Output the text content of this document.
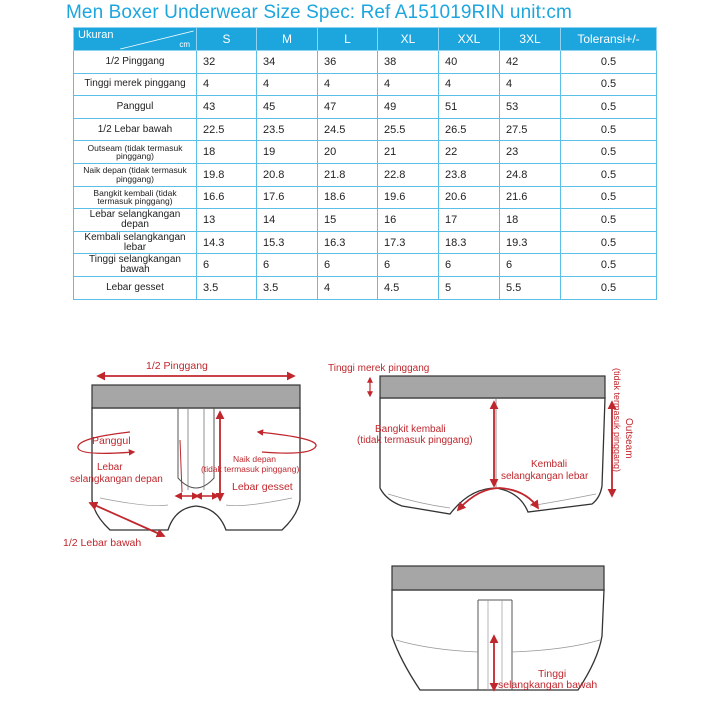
Men Boxer Underwear Size Spec: Ref A151019RIN unit:cm
Ukuran
cm	S	M	L	XL	XXL	3XL	Toleransi+/-
1/2 Pinggang	32	34	36	38	40	42	0.5
Tinggi merek pinggang	4	4	4	4	4	4	0.5
Panggul	43	45	47	49	51	53	0.5
1/2 Lebar bawah	22.5	23.5	24.5	25.5	26.5	27.5	0.5
Outseam (tidak termasuk pinggang)	18	19	20	21	22	23	0.5
Naik depan (tidak termasuk pinggang)	19.8	20.8	21.8	22.8	23.8	24.8	0.5
Bangkit kembali (tidak termasuk pinggang)	16.6	17.6	18.6	19.6	20.6	21.6	0.5
Lebar selangkangan depan	13	14	15	16	17	18	0.5
Kembali selangkangan lebar	14.3	15.3	16.3	17.3	18.3	19.3	0.5
Tinggi selangkangan bawah	6	6	6	6	6	6	0.5
Lebar gesset	3.5	3.5	4	4.5	5	5.5	0.5
1/2 Pinggang
Panggul
Naik depan
(tidak termasuk pinggang)
Lebar
selangkangan depan
Lebar gesset
1/2 Lebar bawah
Tinggi merek pinggang
Bangkit kembali
(tidak termasuk pinggang)
Kembali
selangkangan lebar
Outseam
(tidak termasuk pinggang)
Tinggi
selangkangan bawah
